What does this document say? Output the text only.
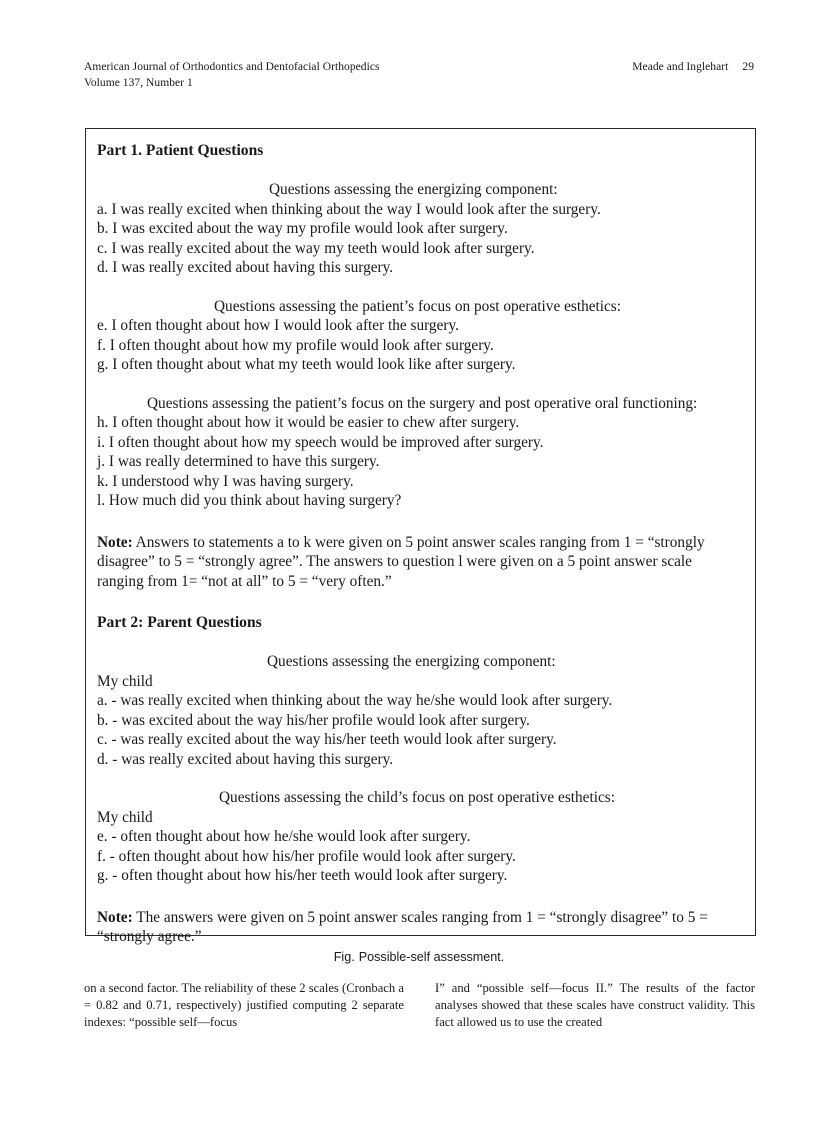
American Journal of Orthodontics and Dentofacial Orthopedics
Volume 137, Number 1
Meade and Inglehart 29
Part 1. Patient Questions
Questions assessing the energizing component:
a. I was really excited when thinking about the way I would look after the surgery.
b. I was excited about the way my profile would look after surgery.
c. I was really excited about the way my teeth would look after surgery.
d. I was really excited about having this surgery.
Questions assessing the patient’s focus on post operative esthetics:
e. I often thought about how I would look after the surgery.
f. I often thought about how my profile would look after surgery.
g. I often thought about what my teeth would look like after surgery.
Questions assessing the patient’s focus on the surgery and post operative oral functioning:
h. I often thought about how it would be easier to chew after surgery.
i. I often thought about how my speech would be improved after surgery.
j. I was really determined to have this surgery.
k. I understood why I was having surgery.
l. How much did you think about having surgery?
Note: Answers to statements a to k were given on 5 point answer scales ranging from 1 = “strongly disagree” to 5 = “strongly agree”. The answers to question l were given on a 5 point answer scale ranging from 1= “not at all” to 5 = “very often.”
Part 2: Parent Questions
Questions assessing the energizing component:
My child
a. - was really excited when thinking about the way he/she would look after surgery.
b. - was excited about the way his/her profile would look after surgery.
c. - was really excited about the way his/her teeth would look after surgery.
d. - was really excited about having this surgery.
Questions assessing the child’s focus on post operative esthetics:
My child
e. - often thought about how he/she would look after surgery.
f. - often thought about how his/her profile would look after surgery.
g. - often thought about how his/her teeth would look after surgery.
Note: The answers were given on 5 point answer scales ranging from 1 = “strongly disagree” to 5 = “strongly agree.”
Fig. Possible-self assessment.

on a second factor. The reliability of these 2 scales (Cronbach a = 0.82 and 0.71, respectively) justified computing 2 separate indexes: “possible self—focus

I” and “possible self—focus II.” The results of the factor analyses showed that these scales have construct validity. This fact allowed us to use the created
